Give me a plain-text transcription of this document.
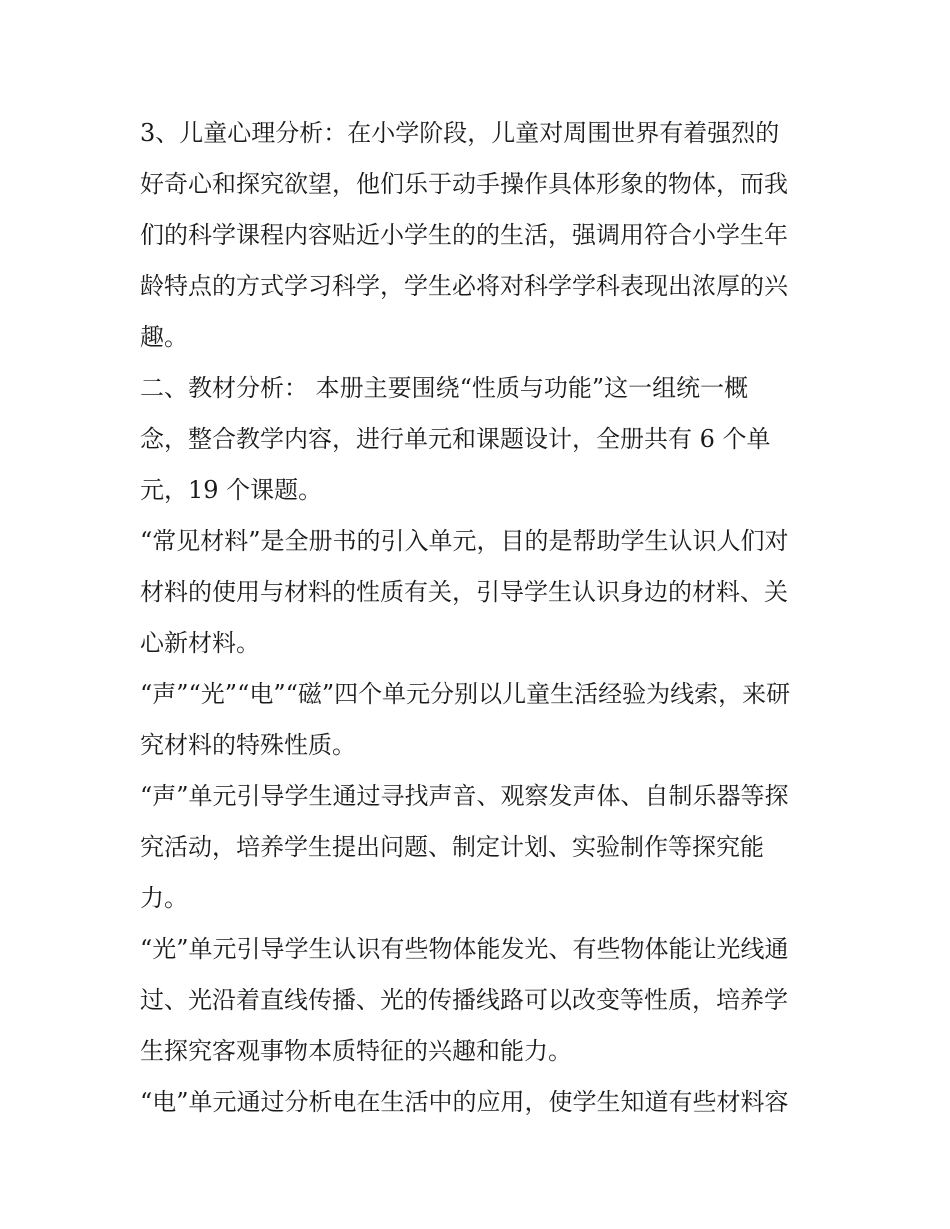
3、儿童心理分析：在小学阶段，儿童对周围世界有着强烈的
好奇心和探究欲望，他们乐于动手操作具体形象的物体，而我
们的科学课程内容贴近小学生的的生活，强调用符合小学生年
龄特点的方式学习科学，学生必将对科学学科表现出浓厚的兴
趣。

二、教材分析： 本册主要围绕“性质与功能”这一组统一概
念，整合教学内容，进行单元和课题设计，全册共有 6 个单
元，19 个课题。

“常见材料”是全册书的引入单元，目的是帮助学生认识人们对
材料的使用与材料的性质有关，引导学生认识身边的材料、关
心新材料。

“声”“光”“电”“磁”四个单元分别以儿童生活经验为线索，来研
究材料的特殊性质。

“声”单元引导学生通过寻找声音、观察发声体、自制乐器等探
究活动，培养学生提出问题、制定计划、实验制作等探究能
力。

“光”单元引导学生认识有些物体能发光、有些物体能让光线通
过、光沿着直线传播、光的传播线路可以改变等性质，培养学
生探究客观事物本质特征的兴趣和能力。

“电”单元通过分析电在生活中的应用，使学生知道有些材料容
